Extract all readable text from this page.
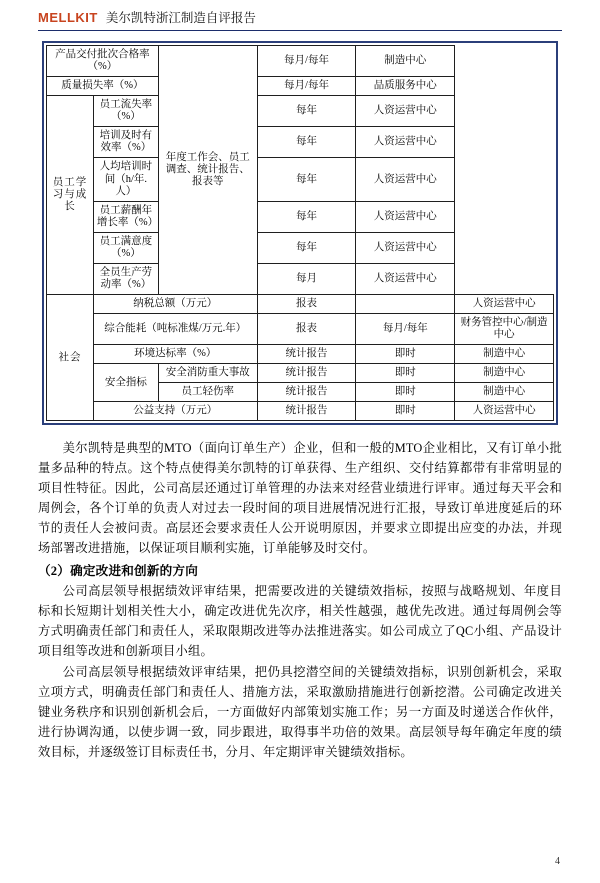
MELLKIT 美尔凯特浙江制造自评报告
产品交付批次合格率（%）		年度工作会、员工调查、统计报告、报表等	每月/每年	制造中心	
质量损失率（%）			每月/每年	品质服务中心	
员工学习与成长	员工流失率（%）		每年	人资运营中心	
	培训及时有效率（%）		每年	人资运营中心	
	人均培训时间（h/年.人）		每年	人资运营中心	
	员工薪酬年增长率（%）		每年	人资运营中心	
	员工满意度（%）		每年	人资运营中心	
	全员生产劳动率（%）		每月	人资运营中心	
社会	纳税总额（万元）		报表		人资运营中心
	综合能耗（吨标准煤/万元.年）		报表	每月/每年	财务管控中心/制造中心
	环境达标率（%）		统计报告	即时	制造中心
	安全指标	安全消防重大事故	统计报告	即时	制造中心
		员工轻伤率	统计报告	即时	制造中心
	公益支持（万元）		统计报告	即时	人资运营中心

美尔凯特是典型的MTO（面向订单生产）企业，但和一般的MTO企业相比，又有订单小批量多品种的特点。这个特点使得美尔凯特的订单获得、生产组织、交付结算都带有非常明显的项目性特征。因此，公司高层还通过订单管理的办法来对经营业绩进行评审。通过每天平会和周例会，各个订单的负责人对过去一段时间的项目进展情况进行汇报，导致订单进度延后的环节的责任人会被问责。高层还会要求责任人公开说明原因，并要求立即提出应变的办法，并现场部署改进措施，以保证项目顺利实施，订单能够及时交付。

（2）确定改进和创新的方向

公司高层领导根据绩效评审结果，把需要改进的关键绩效指标，按照与战略规划、年度目标和长短期计划相关性大小，确定改进优先次序，相关性越强，越优先改进。通过每周例会等方式明确责任部门和责任人，采取限期改进等办法推进落实。如公司成立了QC小组、产品设计项目组等改进和创新项目小组。

公司高层领导根据绩效评审结果，把仍具挖潜空间的关键绩效指标，识别创新机会，采取立项方式，明确责任部门和责任人、措施方法，采取激励措施进行创新挖潜。公司确定改进关键业务秩序和识别创新机会后，一方面做好内部策划实施工作；另一方面及时递送合作伙伴，进行协调沟通，以使步调一致，同步跟进，取得事半功倍的效果。高层领导每年确定年度的绩效目标，并逐级签订目标责任书，分月、年定期评审关键绩效指标。

4
